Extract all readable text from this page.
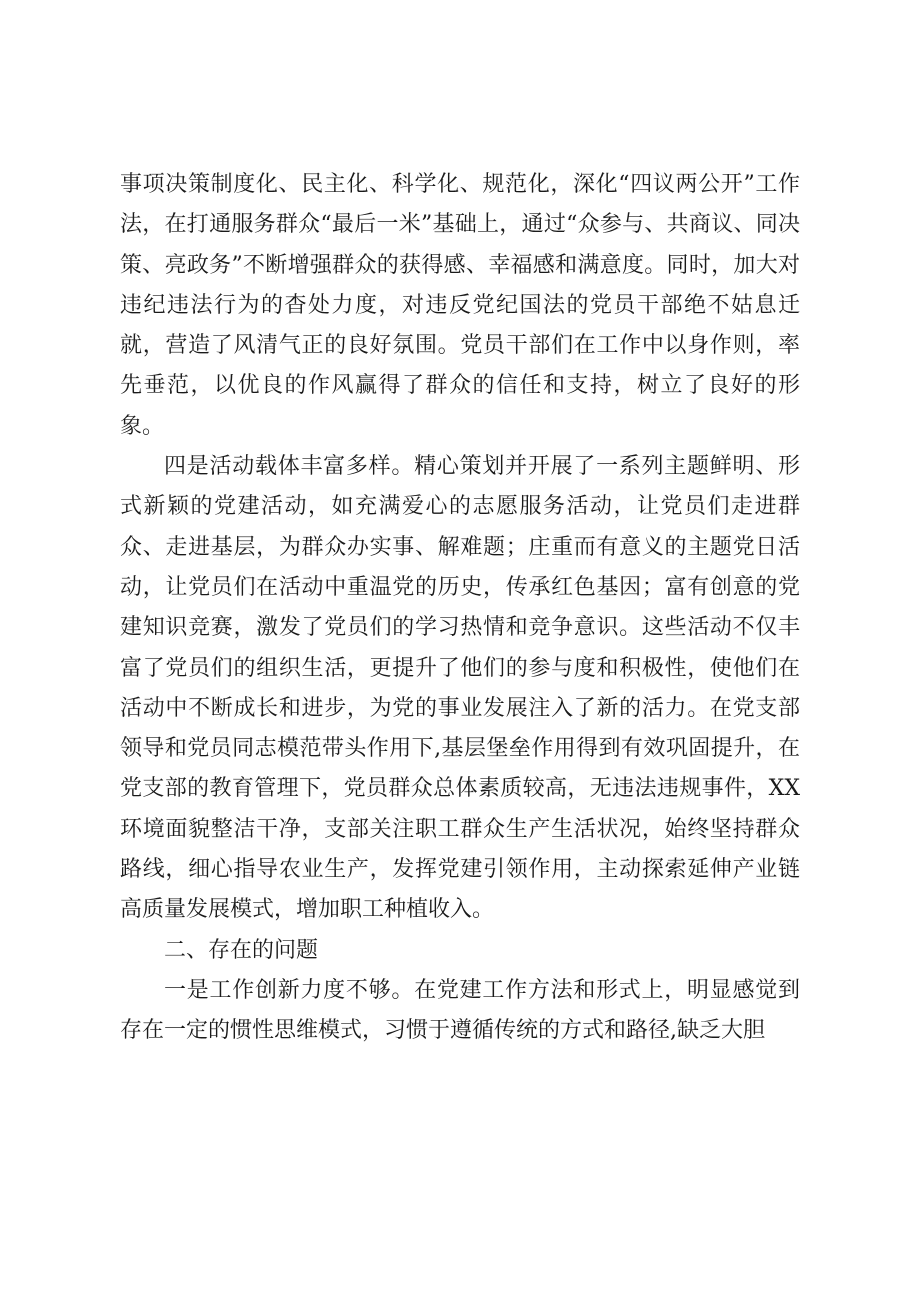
事项决策制度化、民主化、科学化、规范化，深化“四议两公开”工作法，在打通服务群众“最后一米”基础上，通过“众参与、共商议、同决策、亮政务”不断增强群众的获得感、幸福感和满意度。同时，加大对违纪违法行为的杳处力度，对违反党纪国法的党员干部绝不姑息迁就，营造了风清气正的良好氛围。党员干部们在工作中以身作则，率先垂范，以优良的作风赢得了群众的信任和支持，树立了良好的形象。

四是活动载体丰富多样。精心策划并开展了一系列主题鲜明、形式新颖的党建活动，如充满爱心的志愿服务活动，让党员们走进群众、走进基层，为群众办实事、解难题；庄重而有意义的主题党日活动，让党员们在活动中重温党的历史，传承红色基因；富有创意的党建知识竞赛，激发了党员们的学习热情和竞争意识。这些活动不仅丰富了党员们的组织生活，更提升了他们的参与度和积极性，使他们在活动中不断成长和进步，为党的事业发展注入了新的活力。在党支部领导和党员同志模范带头作用下,基层堡垒作用得到有效巩固提升，在党支部的教育管理下，党员群众总体素质较高，无违法违规事件，XX环境面貌整洁干净，支部关注职工群众生产生活状况，始终坚持群众路线，细心指导农业生产，发挥党建引领作用，主动探索延伸产业链高质量发展模式，增加职工种植收入。

二、存在的问题

一是工作创新力度不够。在党建工作方法和形式上，明显感觉到存在一定的惯性思维模式，习惯于遵循传统的方式和路径,缺乏大胆
